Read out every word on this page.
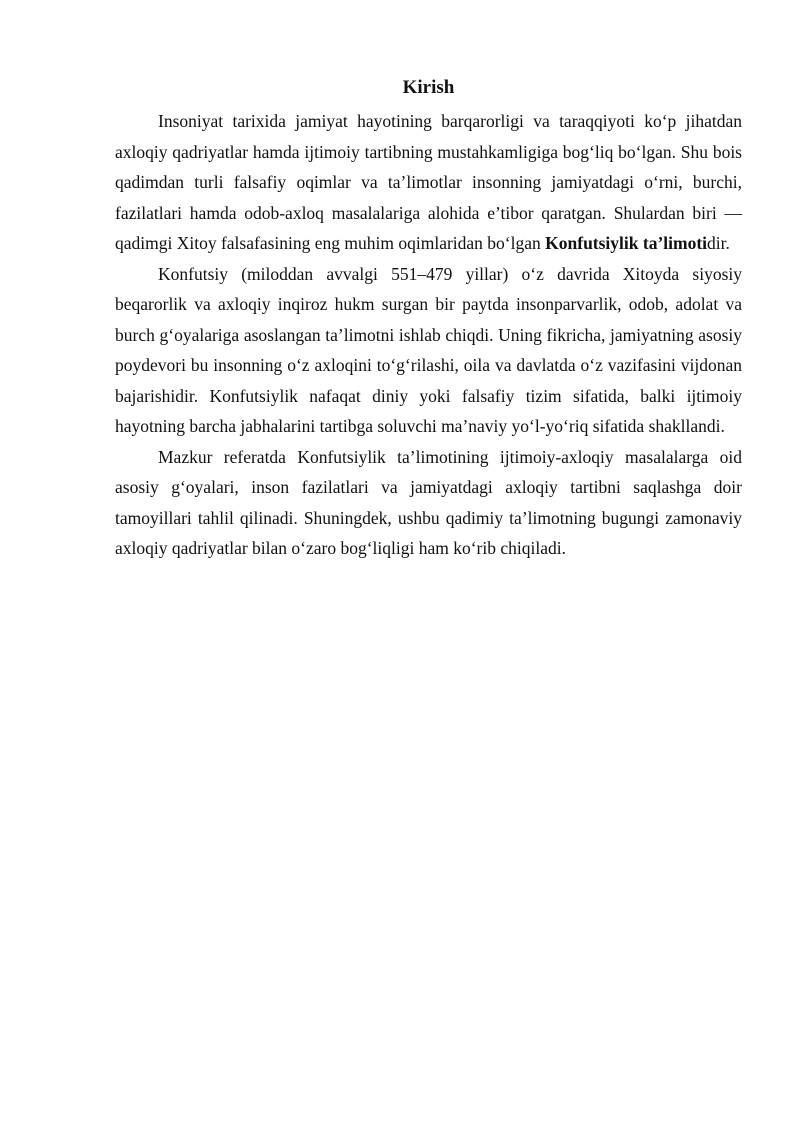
Kirish

Insoniyat tarixida jamiyat hayotining barqarorligi va taraqqiyoti ko‘p jihatdan axloqiy qadriyatlar hamda ijtimoiy tartibning mustahkamligiga bog‘liq bo‘lgan. Shu bois qadimdan turli falsafiy oqimlar va ta’limotlar insonning jamiyatdagi o‘rni, burchi, fazilatlari hamda odob-axloq masalalariga alohida e’tibor qaratgan. Shulardan biri — qadimgi Xitoy falsafasining eng muhim oqimlaridan bo‘lgan Konfutsiylik ta’limotidir.

Konfutsiy (miloddan avvalgi 551–479 yillar) o‘z davrida Xitoyda siyosiy beqarorlik va axloqiy inqiroz hukm surgan bir paytda insonparvarlik, odob, adolat va burch g‘oyalariga asoslangan ta’limotni ishlab chiqdi. Uning fikricha, jamiyatning asosiy poydevori bu insonning o‘z axloqini to‘g‘rilashi, oila va davlatda o‘z vazifasini vijdonan bajarishidir. Konfutsiylik nafaqat diniy yoki falsafiy tizim sifatida, balki ijtimoiy hayotning barcha jabhalarini tartibga soluvchi ma’naviy yo‘l-yo‘riq sifatida shakllandi.

Mazkur referatda Konfutsiylik ta’limotining ijtimoiy-axloqiy masalalarga oid asosiy g‘oyalari, inson fazilatlari va jamiyatdagi axloqiy tartibni saqlashga doir tamoyillari tahlil qilinadi. Shuningdek, ushbu qadimiy ta’limotning bugungi zamonaviy axloqiy qadriyatlar bilan o‘zaro bog‘liqligi ham ko‘rib chiqiladi.
